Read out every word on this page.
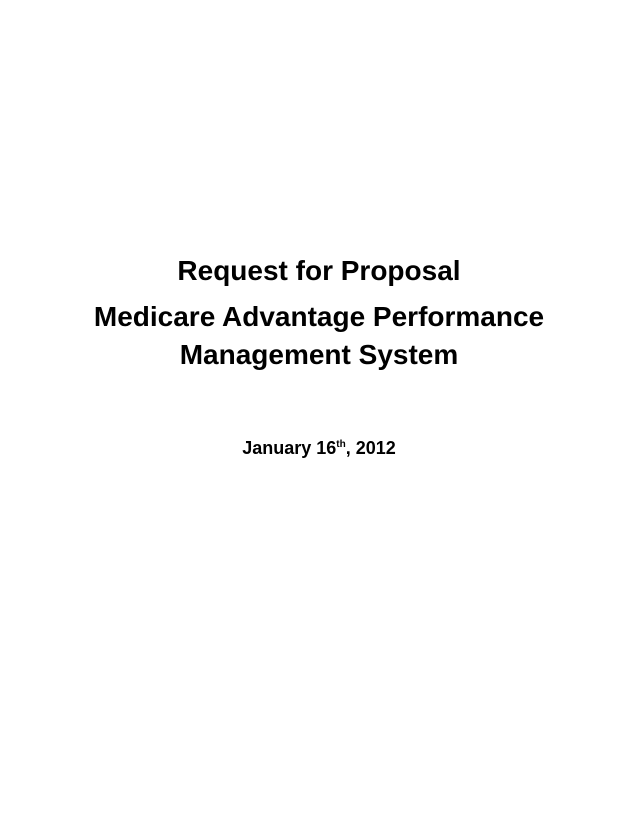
Request for Proposal
Medicare Advantage Performance
Management System
January 16th, 2012
